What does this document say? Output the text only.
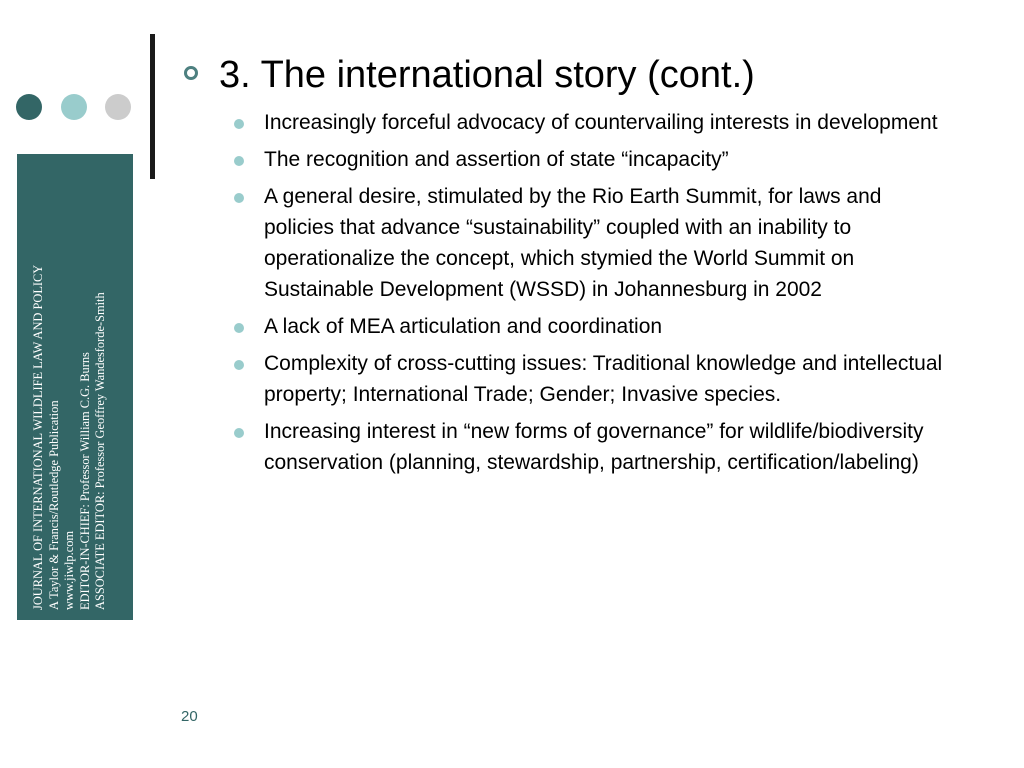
JOURNAL OF INTERNATIONAL WILDLIFE LAW AND POLICY A Taylor & Francis/Routledge Publication www.jiwlp.com EDITOR-IN-CHIEF: Professor William C.G. Burns ASSOCIATE EDITOR: Professor Geoffrey Wandesforde-Smith
3. The international story (cont.)
Increasingly forceful advocacy of countervailing interests in development
The recognition and assertion of state “incapacity”
A general desire, stimulated by the Rio Earth Summit, for laws and policies that advance “sustainability” coupled with an inability to operationalize the concept, which stymied the World Summit on Sustainable Development (WSSD) in Johannesburg in 2002
A lack of MEA articulation and coordination
Complexity of cross-cutting issues: Traditional knowledge and intellectual property; International Trade; Gender; Invasive species.
Increasing interest in “new forms of governance” for wildlife/biodiversity conservation (planning, stewardship, partnership, certification/labeling)
20
